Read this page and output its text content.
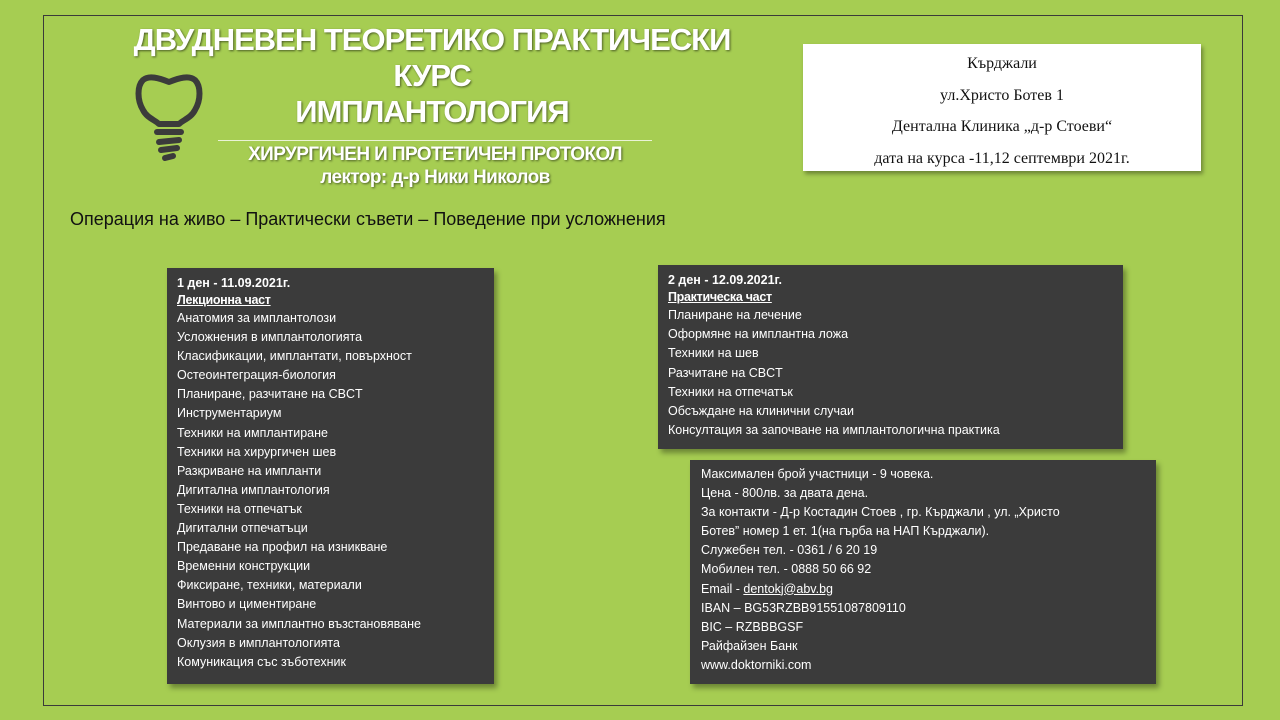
ДВУДНЕВЕН ТЕОРЕТИКО ПРАКТИЧЕСКИ
КУРС
ИМПЛАНТОЛОГИЯ
ХИРУРГИЧЕН И ПРОТЕТИЧЕН ПРОТОКОЛ
лектор: д-р Ники Николов
Кърджали
ул.Христо Ботев 1
Дентална Клиника „д-р Стоеви“
дата на курса -11,12 септември 2021г.
Операция на живо – Практически съвети – Поведение при усложнения
1 ден - 11.09.2021г.
Лекционна част
Анатомия за имплантолози
Усложнения в имплантологията
Класификации, имплантати, повърхност
Остеоинтеграция-биология
Планиране, разчитане на CBCT
Инструментариум
Техники на имплантиране
Техники на хирургичен шев
Разкриване на импланти
Дигитална имплантология
Техники на отпечатък
Дигитални отпечатъци
Предаване на профил на изникване
Временни конструкции
Фиксиране, техники, материали
Винтово и циментиране
Материали за имплантно възстановяване
Оклузия в имплантологията
Комуникация със зъботехник
2 ден - 12.09.2021г.
Практическа част
Планиране на лечение
Оформяне на имплантна ложа
Техники на шев
Разчитане на CBCT
Техники на отпечатък
Обсъждане на клинични случаи
Консултация за започване на имплантологична практика
Максимален брой участници - 9 човека.
Цена - 800лв. за двата дена.
За контакти - Д-р Костадин Стоев , гр. Кърджали , ул. „Христо
Ботев” номер 1 ет. 1(на гърба на НАП Кърджали).
Служебен тел. - 0361 / 6 20 19
Мобилен тел. - 0888 50 66 92
Email - dentokj@abv.bg
IBAN – BG53RZBB91551087809110
BIC – RZBBBGSF
Райфайзен Банк
www.doktorniki.com
